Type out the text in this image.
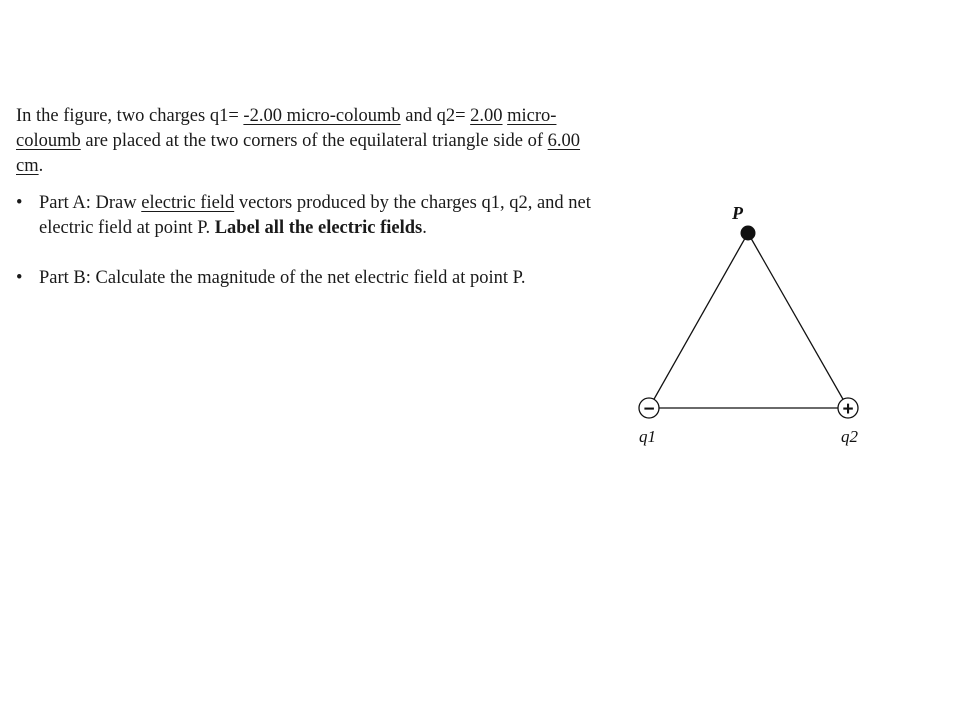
In the figure, two charges q1= -2.00 micro-coloumb and q2= 2.00 micro-coloumb are placed at the two corners of the equilateral triangle side of 6.00 cm.

• Part A: Draw electric field vectors produced by the charges q1, q2, and net electric field at point P. Label all the electric fields.
• Part B: Calculate the magnitude of the net electric field at point P.
P
−	+
q1	q2
